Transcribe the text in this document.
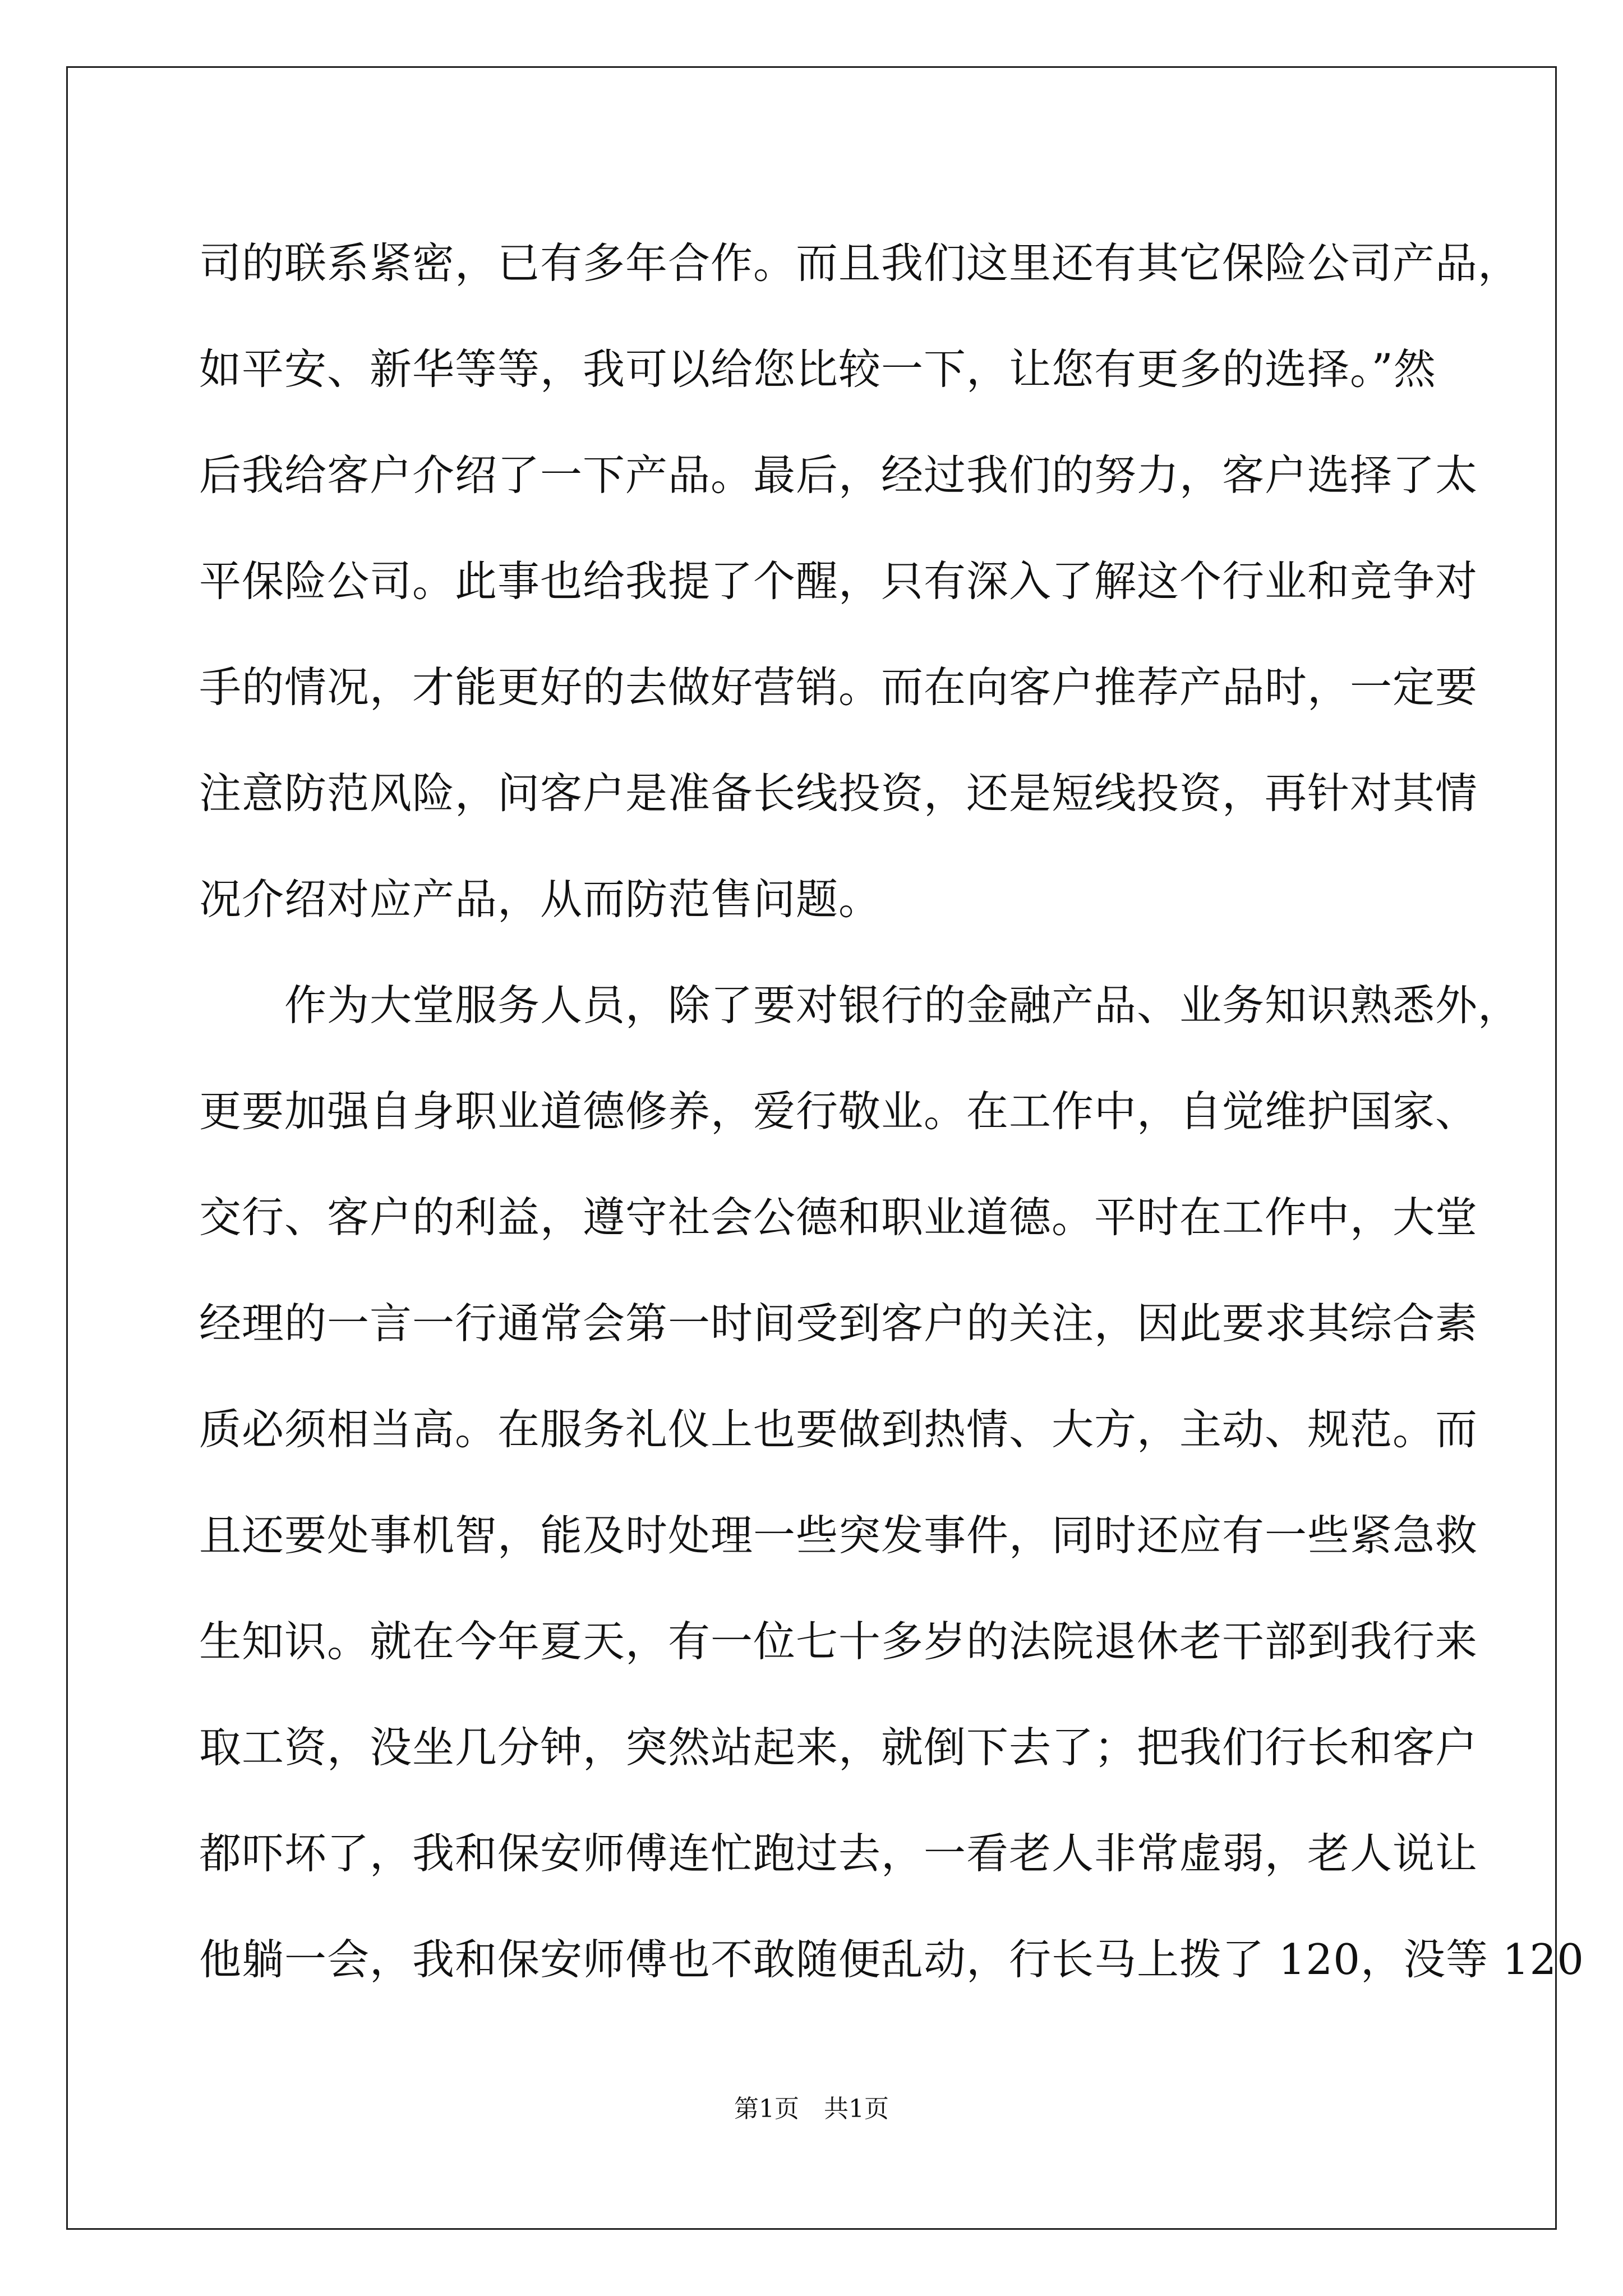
司的联系紧密，已有多年合作。而且我们这里还有其它保险公司产品，
如平安、新华等等，我可以给您比较一下，让您有更多的选择。”然
后我给客户介绍了一下产品。最后，经过我们的努力，客户选择了太
平保险公司。此事也给我提了个醒，只有深入了解这个行业和竞争对
手的情况，才能更好的去做好营销。而在向客户推荐产品时，一定要
注意防范风险，问客户是准备长线投资，还是短线投资，再针对其情
况介绍对应产品，从而防范售问题。
　　作为大堂服务人员，除了要对银行的金融产品、业务知识熟悉外，
更要加强自身职业道德修养，爱行敬业。在工作中，自觉维护国家、
交行、客户的利益，遵守社会公德和职业道德。平时在工作中，大堂
经理的一言一行通常会第一时间受到客户的关注，因此要求其综合素
质必须相当高。在服务礼仪上也要做到热情、大方，主动、规范。而
且还要处事机智，能及时处理一些突发事件，同时还应有一些紧急救
生知识。就在今年夏天，有一位七十多岁的法院退休老干部到我行来
取工资，没坐几分钟，突然站起来，就倒下去了；把我们行长和客户
都吓坏了，我和保安师傅连忙跑过去，一看老人非常虚弱，老人说让
他躺一会，我和保安师傅也不敢随便乱动，行长马上拨了 120，没等 120
第1页　共1页
